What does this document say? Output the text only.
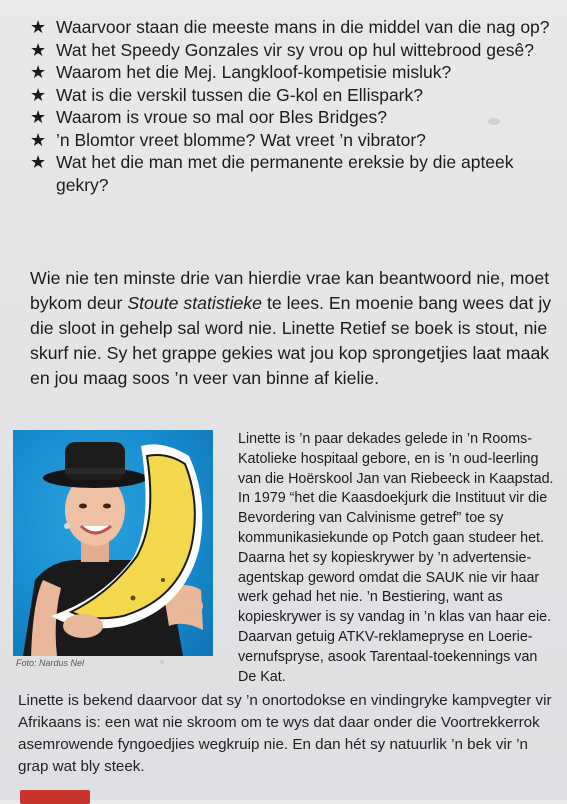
★ Waarvoor staan die meeste mans in die middel van die nag op?
★ Wat het Speedy Gonzales vir sy vrou op hul wittebrood gesê?
★ Waarom het die Mej. Langkloof-kompetisie misluk?
★ Wat is die verskil tussen die G-kol en Ellispark?
★ Waarom is vroue so mal oor Bles Bridges?
★ ’n Blomtor vreet blomme? Wat vreet ’n vibrator?
★ Wat het die man met die permanente ereksie by die apteek gekry?

Wie nie ten minste drie van hierdie vrae kan beantwoord nie, moet bykom deur Stoute statistieke te lees. En moenie bang wees dat jy die sloot in gehelp sal word nie. Linette Retief se boek is stout, nie skurf nie. Sy het grappe gekies wat jou kop sprongetjies laat maak en jou maag soos ’n veer van binne af kielie.

Foto: Nardus Nel

Linette is ’n paar dekades gelede in ’n Rooms-Katolieke hospitaal gebore, en is ’n oud-leerling van die Hoërskool Jan van Riebeeck in Kaapstad. In 1979 “het die Kaasdoekjurk die Instituut vir die Bevordering van Calvinisme getref” toe sy kommunikasiekunde op Potch gaan studeer het. Daarna het sy kopieskrywer by ’n advertensie-agentskap geword omdat die SAUK nie vir haar werk gehad het nie. ’n Bestiering, want as kopieskrywer is sy vandag in ’n klas van haar eie. Daarvan getuig ATKV-reklamepryse en Loerie-vernufspryse, asook Tarentaal-toekennings van De Kat.

Linette is bekend daarvoor dat sy ’n onortodokse en vindingryke kampvegter vir Afrikaans is: een wat nie skroom om te wys dat daar onder die Voortrekkerrok asemrowende fyngoedjies wegkruip nie. En dan hét sy natuurlik ’n bek vir ’n grap wat bly steek.
